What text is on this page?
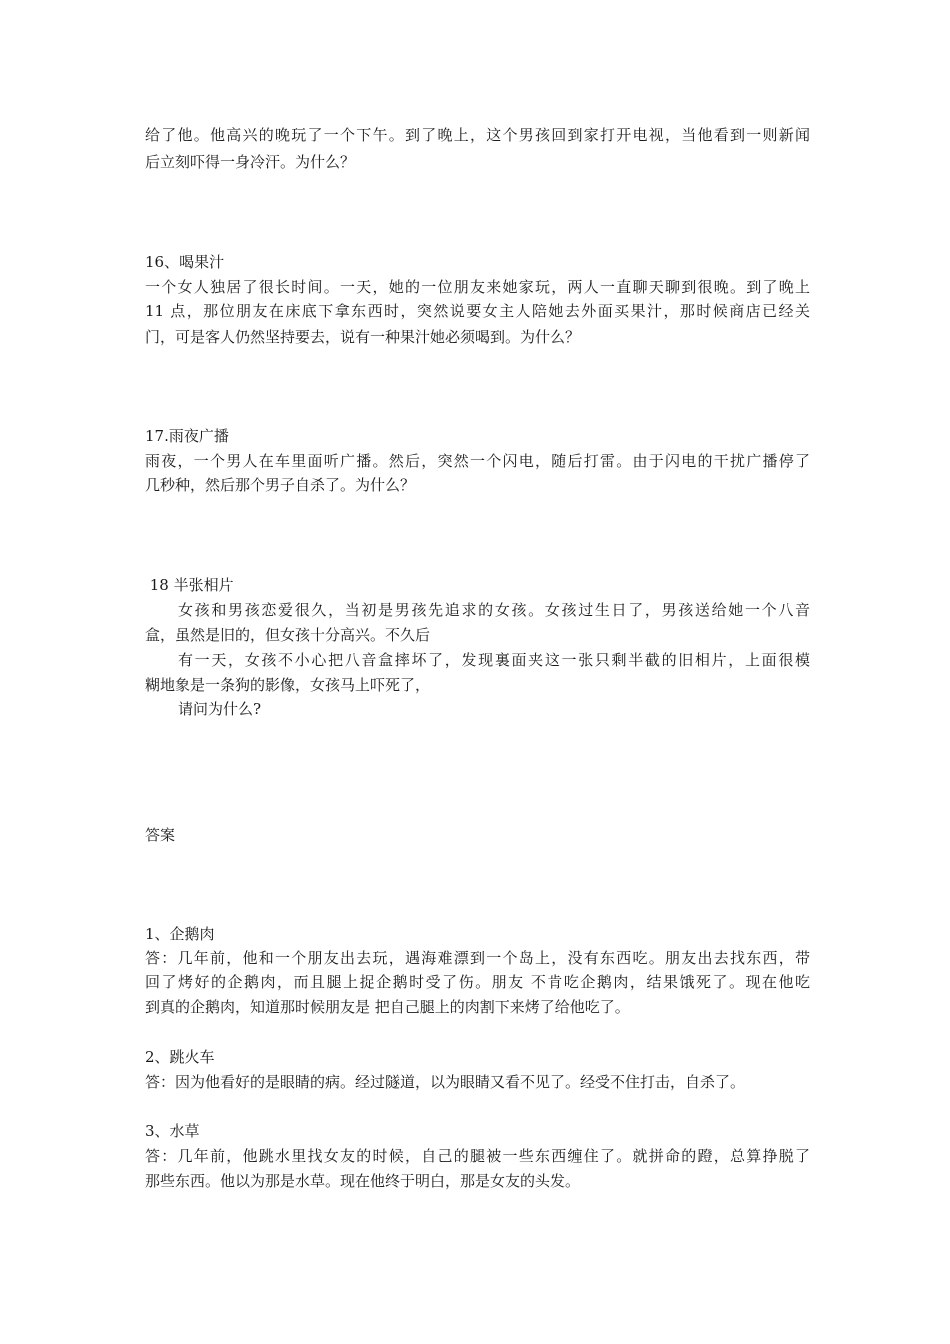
给了他。他高兴的晚玩了一个下午。到了晚上，这个男孩回到家打开电视，当他看到一则新闻
后立刻吓得一身冷汗。为什么？
16、喝果汁
一个女人独居了很长时间。一天，她的一位朋友来她家玩，两人一直聊天聊到很晚。到了晚上
11 点，那位朋友在床底下拿东西时，突然说要女主人陪她去外面买果汁，那时候商店已经关
门，可是客人仍然坚持要去，说有一种果汁她必须喝到。为什么？
17.雨夜广播
雨夜，一个男人在车里面听广播。然后，突然一个闪电，随后打雷。由于闪电的干扰广播停了
几秒种，然后那个男子自杀了。为什么？
18 半张相片
女孩和男孩恋爱很久，当初是男孩先追求的女孩。女孩过生日了，男孩送给她一个八音
盒，虽然是旧的，但女孩十分高兴。不久后
有一天，女孩不小心把八音盒摔坏了，发现裏面夹这一张只剩半截的旧相片，上面很模
糊地象是一条狗的影像，女孩马上吓死了，
请问为什么?
答案
1、企鹅肉
答：几年前，他和一个朋友出去玩，遇海难漂到一个岛上，没有东西吃。朋友出去找东西，带
回了烤好的企鹅肉，而且腿上捉企鹅时受了伤。朋友 不肯吃企鹅肉，结果饿死了。现在他吃
到真的企鹅肉，知道那时候朋友是 把自己腿上的肉割下来烤了给他吃了。
2、跳火车
答：因为他看好的是眼睛的病。经过隧道，以为眼睛又看不见了。经受不住打击，自杀了。
3、水草
答：几年前，他跳水里找女友的时候，自己的腿被一些东西缠住了。就拼命的蹬，总算挣脱了
那些东西。他以为那是水草。现在他终于明白，那是女友的头发。
